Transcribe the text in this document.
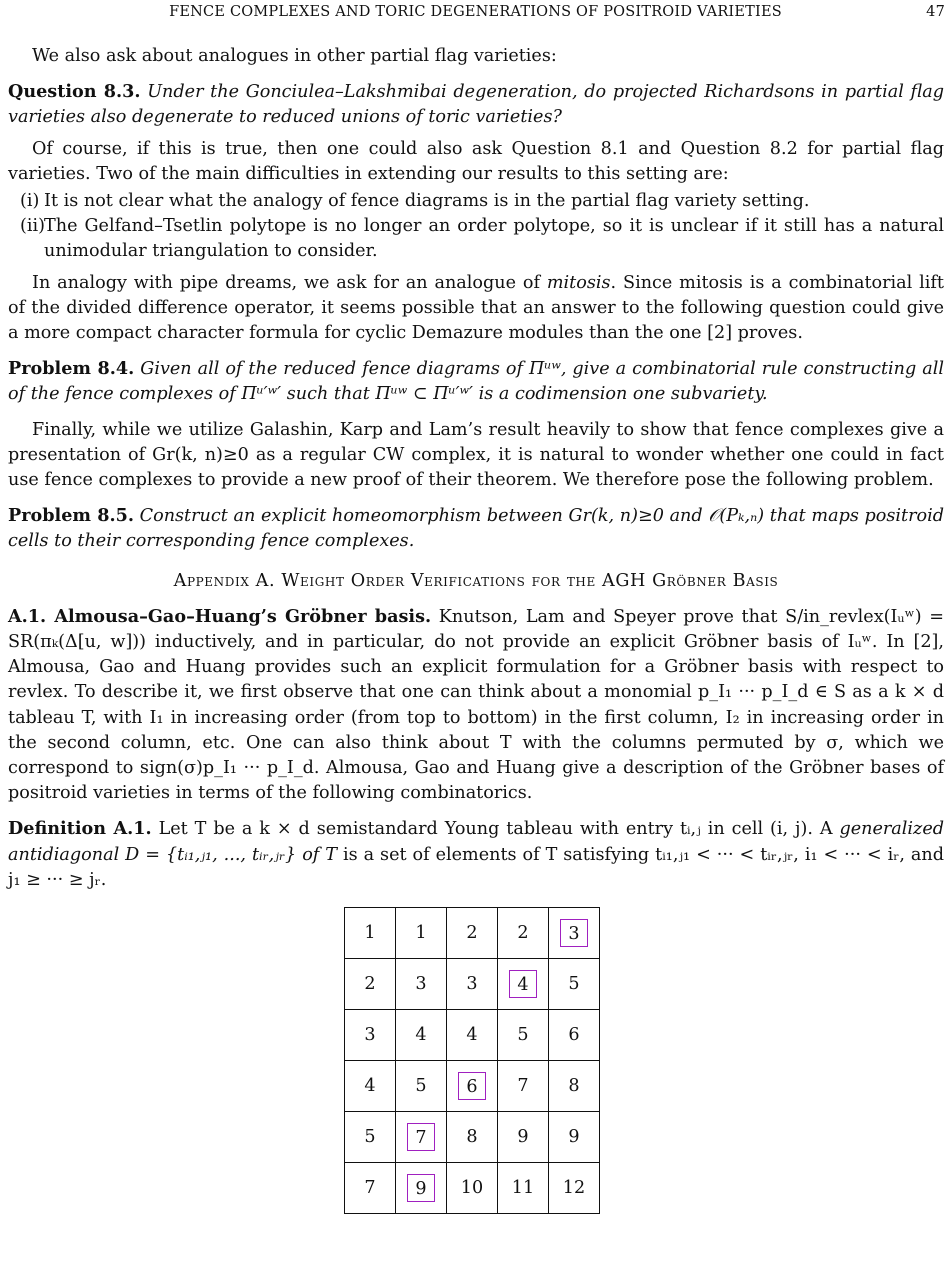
FENCE COMPLEXES AND TORIC DEGENERATIONS OF POSITROID VARIETIES	47

We also ask about analogues in other partial flag varieties:

Question 8.3. Under the Gonciulea–Lakshmibai degeneration, do projected Richardsons in partial flag varieties also degenerate to reduced unions of toric varieties?

Of course, if this is true, then one could also ask Question 8.1 and Question 8.2 for partial flag varieties. Two of the main difficulties in extending our results to this setting are:

(i) It is not clear what the analogy of fence diagrams is in the partial flag variety setting.
(ii) The Gelfand–Tsetlin polytope is no longer an order polytope, so it is unclear if it still has a natural unimodular triangulation to consider.

In analogy with pipe dreams, we ask for an analogue of mitosis. Since mitosis is a combinatorial lift of the divided difference operator, it seems possible that an answer to the following question could give a more compact character formula for cyclic Demazure modules than the one [2] proves.

Problem 8.4. Given all of the reduced fence diagrams of Πᵘʷ, give a combinatorial rule constructing all of the fence complexes of Πᵘ′ʷ′ such that Πᵘʷ ⊂ Πᵘ′ʷ′ is a codimension one subvariety.

Finally, while we utilize Galashin, Karp and Lam’s result heavily to show that fence complexes give a presentation of Gr(k, n)≥0 as a regular CW complex, it is natural to wonder whether one could in fact use fence complexes to provide a new proof of their theorem. We therefore pose the following problem.

Problem 8.5. Construct an explicit homeomorphism between Gr(k, n)≥0 and 𝒪(Pₖ,ₙ) that maps positroid cells to their corresponding fence complexes.

Appendix A. Weight Order Verifications for the AGH Gröbner Basis

A.1. Almousa–Gao–Huang’s Gröbner basis. Knutson, Lam and Speyer prove that S/in_revlex(Iᵤʷ) = SR(πₖ(Δ[u, w])) inductively, and in particular, do not provide an explicit Gröbner basis of Iᵤʷ. In [2], Almousa, Gao and Huang provides such an explicit formulation for a Gröbner basis with respect to revlex. To describe it, we first observe that one can think about a monomial p_I₁ ··· p_I_d ∈ S as a k × d tableau T, with I₁ in increasing order (from top to bottom) in the first column, I₂ in increasing order in the second column, etc. One can also think about T with the columns permuted by σ, which we correspond to sign(σ)p_I₁ ··· p_I_d. Almousa, Gao and Huang give a description of the Gröbner bases of positroid varieties in terms of the following combinatorics.

Definition A.1. Let T be a k × d semistandard Young tableau with entry tᵢ,ⱼ in cell (i, j). A generalized antidiagonal D = {tᵢ₁,ⱼ₁, ..., tᵢᵣ,ⱼᵣ} of T is a set of elements of T satisfying tᵢ₁,ⱼ₁ < ··· < tᵢᵣ,ⱼᵣ, i₁ < ··· < iᵣ, and j₁ ≥ ··· ≥ jᵣ.

1	1	2	2	3
2	3	3	4	5
3	4	4	5	6
4	5	6	7	8
5	7	8	9	9
7	9	10	11	12
